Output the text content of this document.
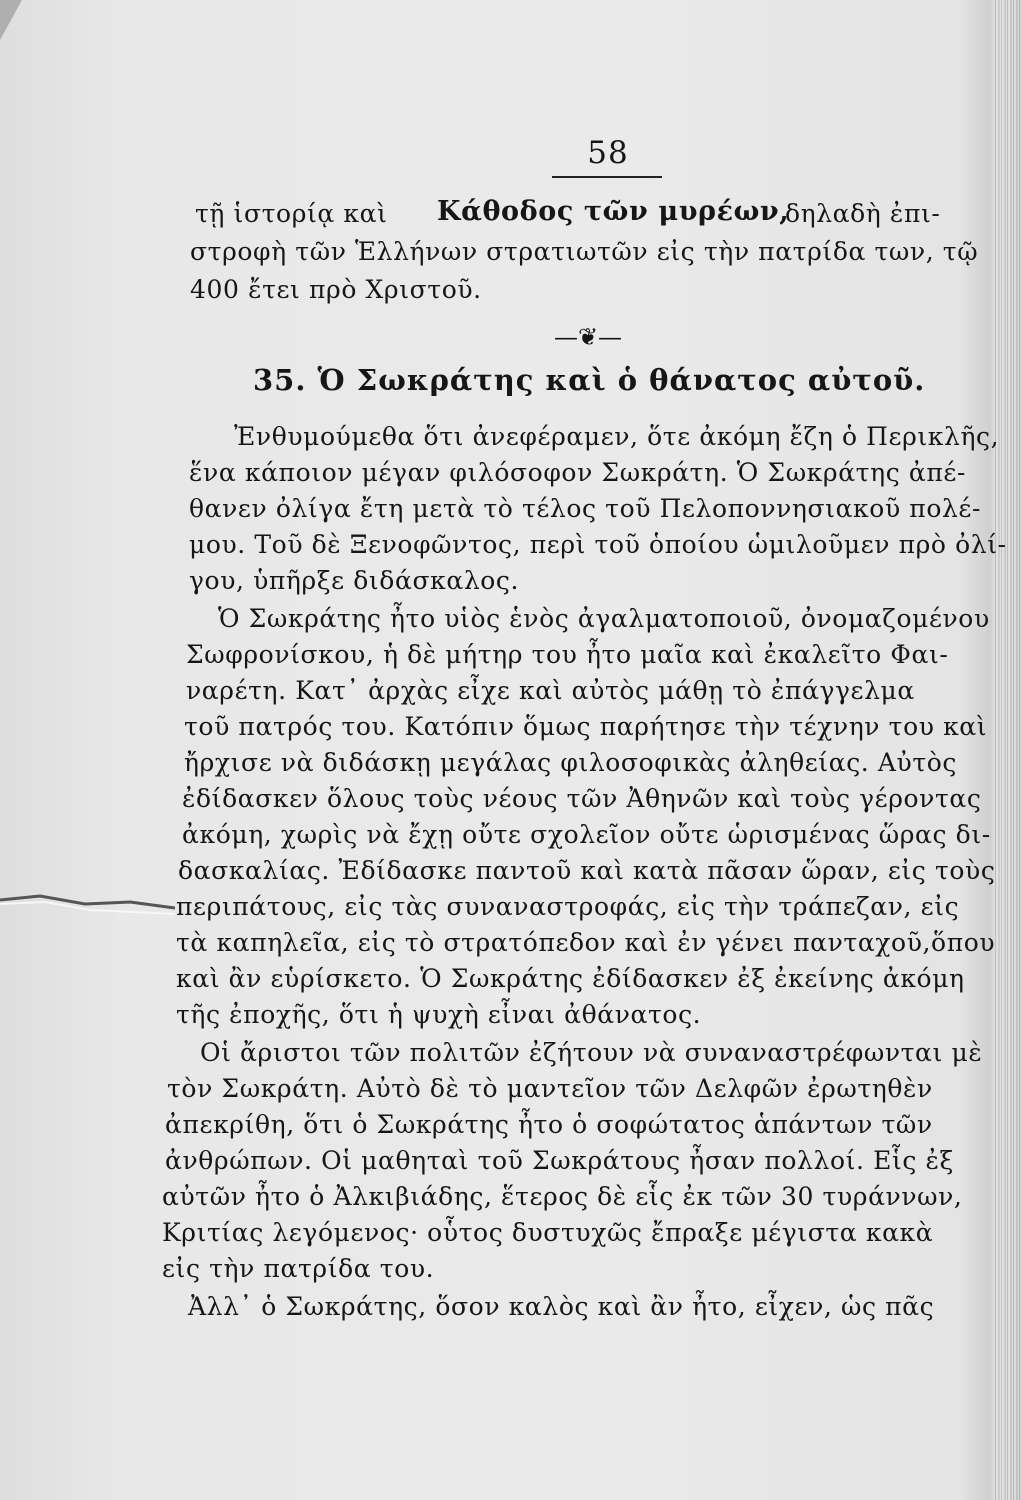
58
τῇ ἱστορίᾳ καὶ Κάθοδος τῶν μυρέων,
δηλαδὴ ἐπι-
στροφὴ τῶν Ἑλλήνων στρατιωτῶν εἰς τὴν πατρίδα των, τῷ
400 ἔτει πρὸ Χριστοῦ.
—❦—
35. Ὁ Σωκράτης καὶ ὁ θάνατος αὐτοῦ.
Ἐνθυμούμεθα ὅτι ἀνεφέραμεν, ὅτε ἀκόμη ἔζη ὁ Περικλῆς,
ἕνα κάποιον μέγαν φιλόσοφον Σωκράτη. Ὁ Σωκράτης ἀπέ-
θανεν ὀλίγα ἔτη μετὰ τὸ τέλος τοῦ Πελοποννησιακοῦ πολέ-
μου. Τοῦ δὲ Ξενοφῶντος, περὶ τοῦ ὁποίου ὡμιλοῦμεν πρὸ ὀλί-
γου, ὑπῆρξε διδάσκαλος.
Ὁ Σωκράτης ἦτο υἱὸς ἑνὸς ἀγαλματοποιοῦ, ὀνομαζομένου
Σωφρονίσκου, ἡ δὲ μήτηρ του ἦτο μαῖα καὶ ἐκαλεῖτο Φαι-
ναρέτη. Κατ᾽ ἀρχὰς εἶχε καὶ αὐτὸς μάθῃ τὸ ἐπάγγελμα
τοῦ πατρός του. Κατόπιν ὅμως παρήτησε τὴν τέχνην του καὶ
ἤρχισε νὰ διδάσκῃ μεγάλας φιλοσοφικὰς ἀληθείας. Αὐτὸς
ἐδίδασκεν ὅλους τοὺς νέους τῶν Ἀθηνῶν καὶ τοὺς γέροντας
ἀκόμη, χωρὶς νὰ ἔχῃ οὔτε σχολεῖον οὔτε ὡρισμένας ὥρας δι-
δασκαλίας. Ἐδίδασκε παντοῦ καὶ κατὰ πᾶσαν ὥραν, εἰς τοὺς
περιπάτους, εἰς τὰς συναναστροφάς, εἰς τὴν τράπεζαν, εἰς
τὰ καπηλεῖα, εἰς τὸ στρατόπεδον καὶ ἐν γένει πανταχοῦ,ὅπου
καὶ ἂν εὑρίσκετο. Ὁ Σωκράτης ἐδίδασκεν ἐξ ἐκείνης ἀκόμη
τῆς ἐποχῆς, ὅτι ἡ ψυχὴ εἶναι ἀθάνατος.
Οἱ ἄριστοι τῶν πολιτῶν ἐζήτουν νὰ συναναστρέφωνται μὲ
τὸν Σωκράτη. Αὐτὸ δὲ τὸ μαντεῖον τῶν Δελφῶν ἐρωτηθὲν
ἀπεκρίθη, ὅτι ὁ Σωκράτης ἦτο ὁ σοφώτατος ἁπάντων τῶν
ἀνθρώπων. Οἱ μαθηταὶ τοῦ Σωκράτους ἦσαν πολλοί. Εἷς ἐξ
αὐτῶν ἦτο ὁ Ἀλκιβιάδης, ἕτερος δὲ εἷς ἐκ τῶν 30 τυράννων,
Κριτίας λεγόμενος· οὗτος δυστυχῶς ἔπραξε μέγιστα κακὰ
εἰς τὴν πατρίδα του.
Ἀλλ᾽ ὁ Σωκράτης, ὅσον καλὸς καὶ ἂν ἦτο, εἶχεν, ὡς πᾶς
